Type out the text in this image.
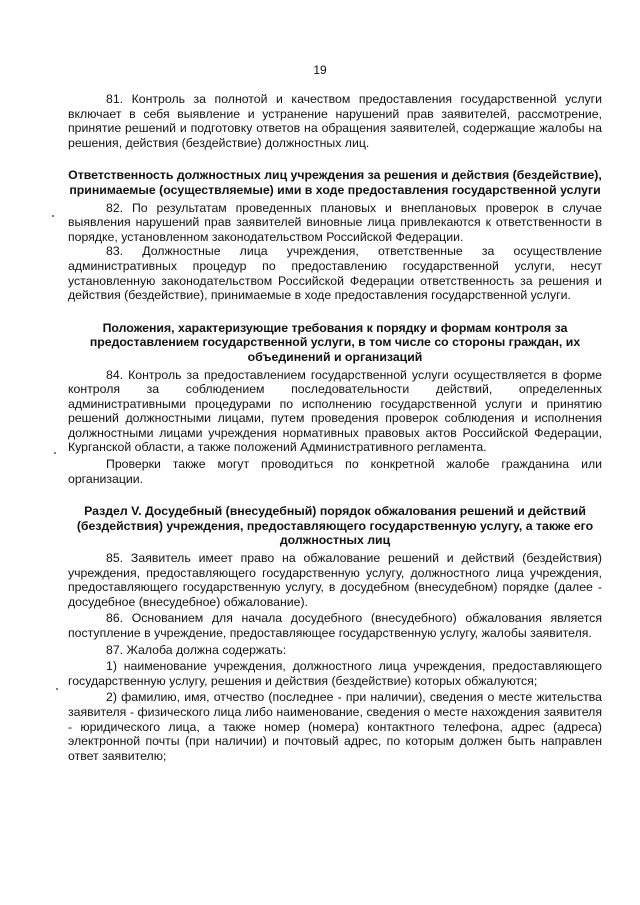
19

81. Контроль за полнотой и качеством предоставления государственной услуги включает в себя выявление и устранение нарушений прав заявителей, рассмотрение, принятие решений и подготовку ответов на обращения заявителей, содержащие жалобы на решения, действия (бездействие) должностных лиц.

Ответственность должностных лиц учреждения за решения и действия (бездействие), принимаемые (осуществляемые) ими в ходе предоставления государственной услуги

82. По результатам проведенных плановых и внеплановых проверок в случае выявления нарушений прав заявителей виновные лица привлекаются к ответственности в порядке, установленном законодательством Российской Федерации.

83. Должностные лица учреждения, ответственные за осуществление административных процедур по предоставлению государственной услуги, несут установленную законодательством Российской Федерации ответственность за решения и действия (бездействие), принимаемые в ходе предоставления государственной услуги.

Положения, характеризующие требования к порядку и формам контроля за предоставлением государственной услуги, в том числе со стороны граждан, их объединений и организаций

84. Контроль за предоставлением государственной услуги осуществляется в форме контроля за соблюдением последовательности действий, определенных административными процедурами по исполнению государственной услуги и принятию решений должностными лицами, путем проведения проверок соблюдения и исполнения должностными лицами учреждения нормативных правовых актов Российской Федерации, Курганской области, а также положений Административного регламента.

Проверки также могут проводиться по конкретной жалобе гражданина или организации.

Раздел V. Досудебный (внесудебный) порядок обжалования решений и действий (бездействия) учреждения, предоставляющего государственную услугу, а также его должностных лиц

85. Заявитель имеет право на обжалование решений и действий (бездействия) учреждения, предоставляющего государственную услугу, должностного лица учреждения, предоставляющего государственную услугу, в досудебном (внесудебном) порядке (далее - досудебное (внесудебное) обжалование).

86. Основанием для начала досудебного (внесудебного) обжалования является поступление в учреждение, предоставляющее государственную услугу, жалобы заявителя.

87. Жалоба должна содержать:

1) наименование учреждения, должностного лица учреждения, предоставляющего государственную услугу, решения и действия (бездействие) которых обжалуются;

2) фамилию, имя, отчество (последнее - при наличии), сведения о месте жительства заявителя - физического лица либо наименование, сведения о месте нахождения заявителя - юридического лица, а также номер (номера) контактного телефона, адрес (адреса) электронной почты (при наличии) и почтовый адрес, по которым должен быть направлен ответ заявителю;
